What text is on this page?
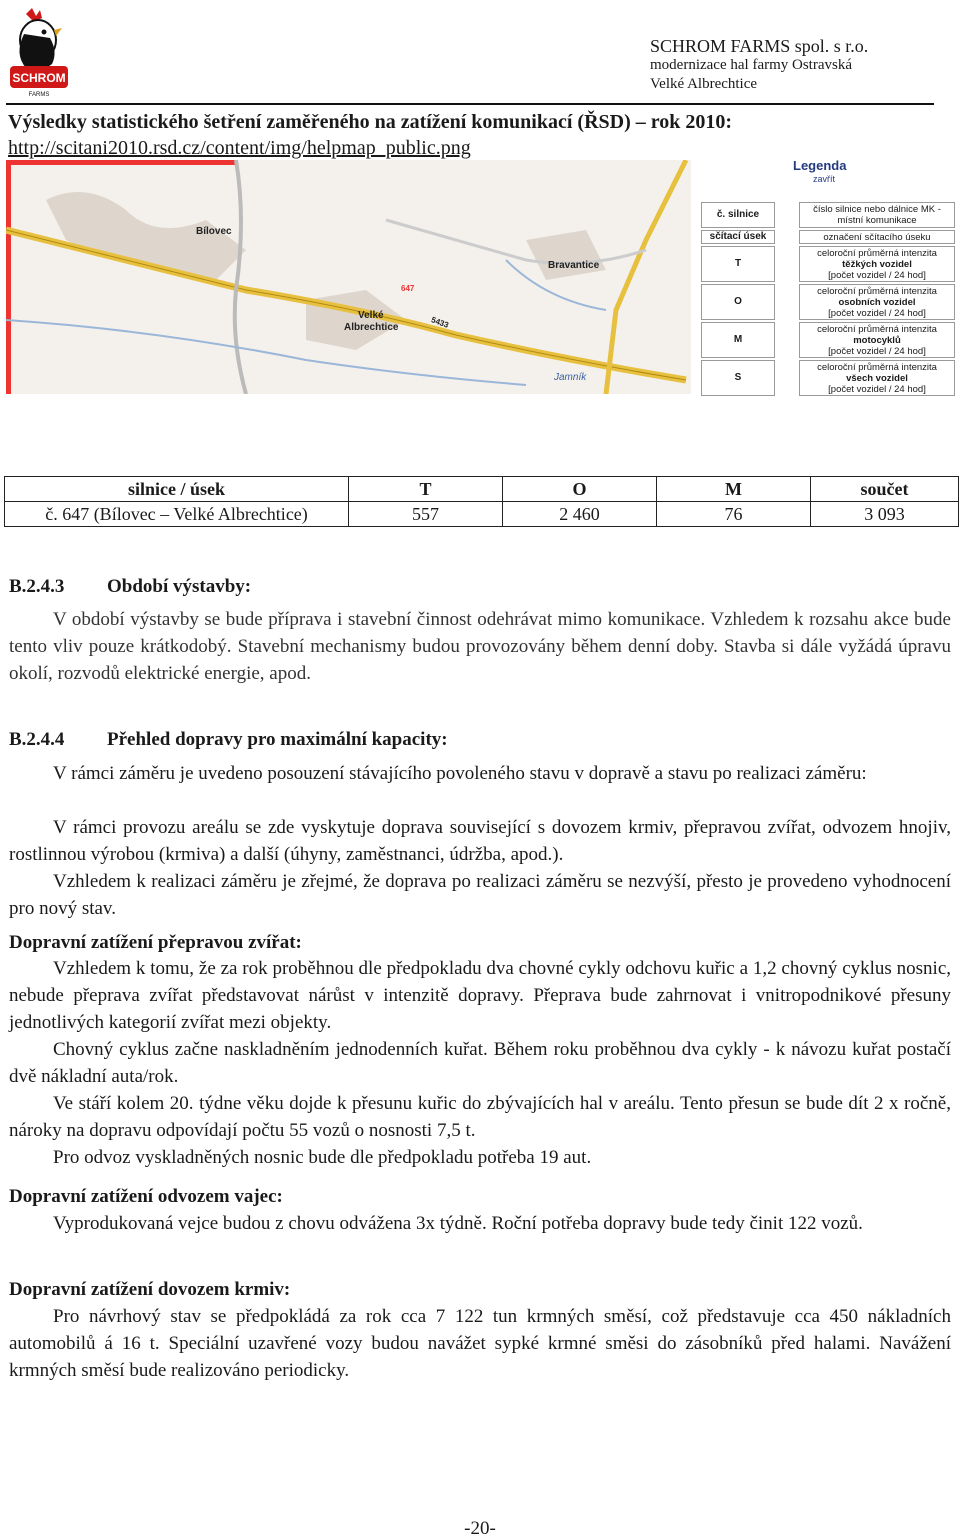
SCHROM
FARMS
SCHROM FARMS spol. s r.o.
modernizace hal farmy Ostravská
Velké Albrechtice
Výsledky statistického šetření zaměřeného na zatížení komunikací (ŘSD) – rok 2010:
http://scitani2010.rsd.cz/content/img/helpmap_public.png
Bílovec
Bravantice
Velké
Albrechtice
Jamník
5433
647
Legenda
zavřít
č. silnice	číslo silnice nebo dálnice MK - místní komunikace
sčítací úsek	označení sčítacího úseku
T
celoroční průměrná intenzita
těžkých vozidel
[počet vozidel / 24 hod]
O
celoroční průměrná intenzita
osobních vozidel
[počet vozidel / 24 hod]
M
celoroční průměrná intenzita
motocyklů
[počet vozidel / 24 hod]
S
celoroční průměrná intenzita
všech vozidel
[počet vozidel / 24 hod]
silnice / úsek	T	O	M	součet
č. 647 (Bílovec – Velké Albrechtice)	557	2 460	76	3 093
B.2.4.3 Období výstavby:
V období výstavby se bude příprava i stavební činnost odehrávat mimo komunikace. Vzhledem k rozsahu akce bude tento vliv pouze krátkodobý. Stavební mechanismy budou provozovány během denní doby. Stavba si dále vyžádá úpravu okolí, rozvodů elektrické energie, apod.
B.2.4.4 Přehled dopravy pro maximální kapacity:
V rámci záměru je uvedeno posouzení stávajícího povoleného stavu v dopravě a stavu po realizaci záměru:
V rámci provozu areálu se zde vyskytuje doprava související s dovozem krmiv, přepravou zvířat, odvozem hnojiv, rostlinnou výrobou (krmiva) a další (úhyny, zaměstnanci, údržba, apod.).
Vzhledem k realizaci záměru je zřejmé, že doprava po realizaci záměru se nezvýší, přesto je provedeno vyhodnocení pro nový stav.
Dopravní zatížení přepravou zvířat:
Vzhledem k tomu, že za rok proběhnou dle předpokladu dva chovné cykly odchovu kuřic a 1,2 chovný cyklus nosnic, nebude přeprava zvířat představovat nárůst v intenzitě dopravy. Přeprava bude zahrnovat i vnitropodnikové přesuny jednotlivých kategorií zvířat mezi objekty.
Chovný cyklus začne naskladněním jednodenních kuřat. Během roku proběhnou dva cykly - k návozu kuřat postačí dvě nákladní auta/rok.
Ve stáří kolem 20. týdne věku dojde k přesunu kuřic do zbývajících hal v areálu. Tento přesun se bude dít 2 x ročně, nároky na dopravu odpovídají počtu 55 vozů o nosnosti 7,5 t.
Pro odvoz vyskladněných nosnic bude dle předpokladu potřeba 19 aut.
Dopravní zatížení odvozem vajec:
Vyprodukovaná vejce budou z chovu odvážena 3x týdně. Roční potřeba dopravy bude tedy činit 122 vozů.
Dopravní zatížení dovozem krmiv:
Pro návrhový stav se předpokládá za rok cca 7 122 tun krmných směsí, což představuje cca 450 nákladních automobilů á 16 t. Speciální uzavřené vozy budou navážet sypké krmné směsi do zásobníků před halami. Navážení krmných směsí bude realizováno periodicky.
-20-
